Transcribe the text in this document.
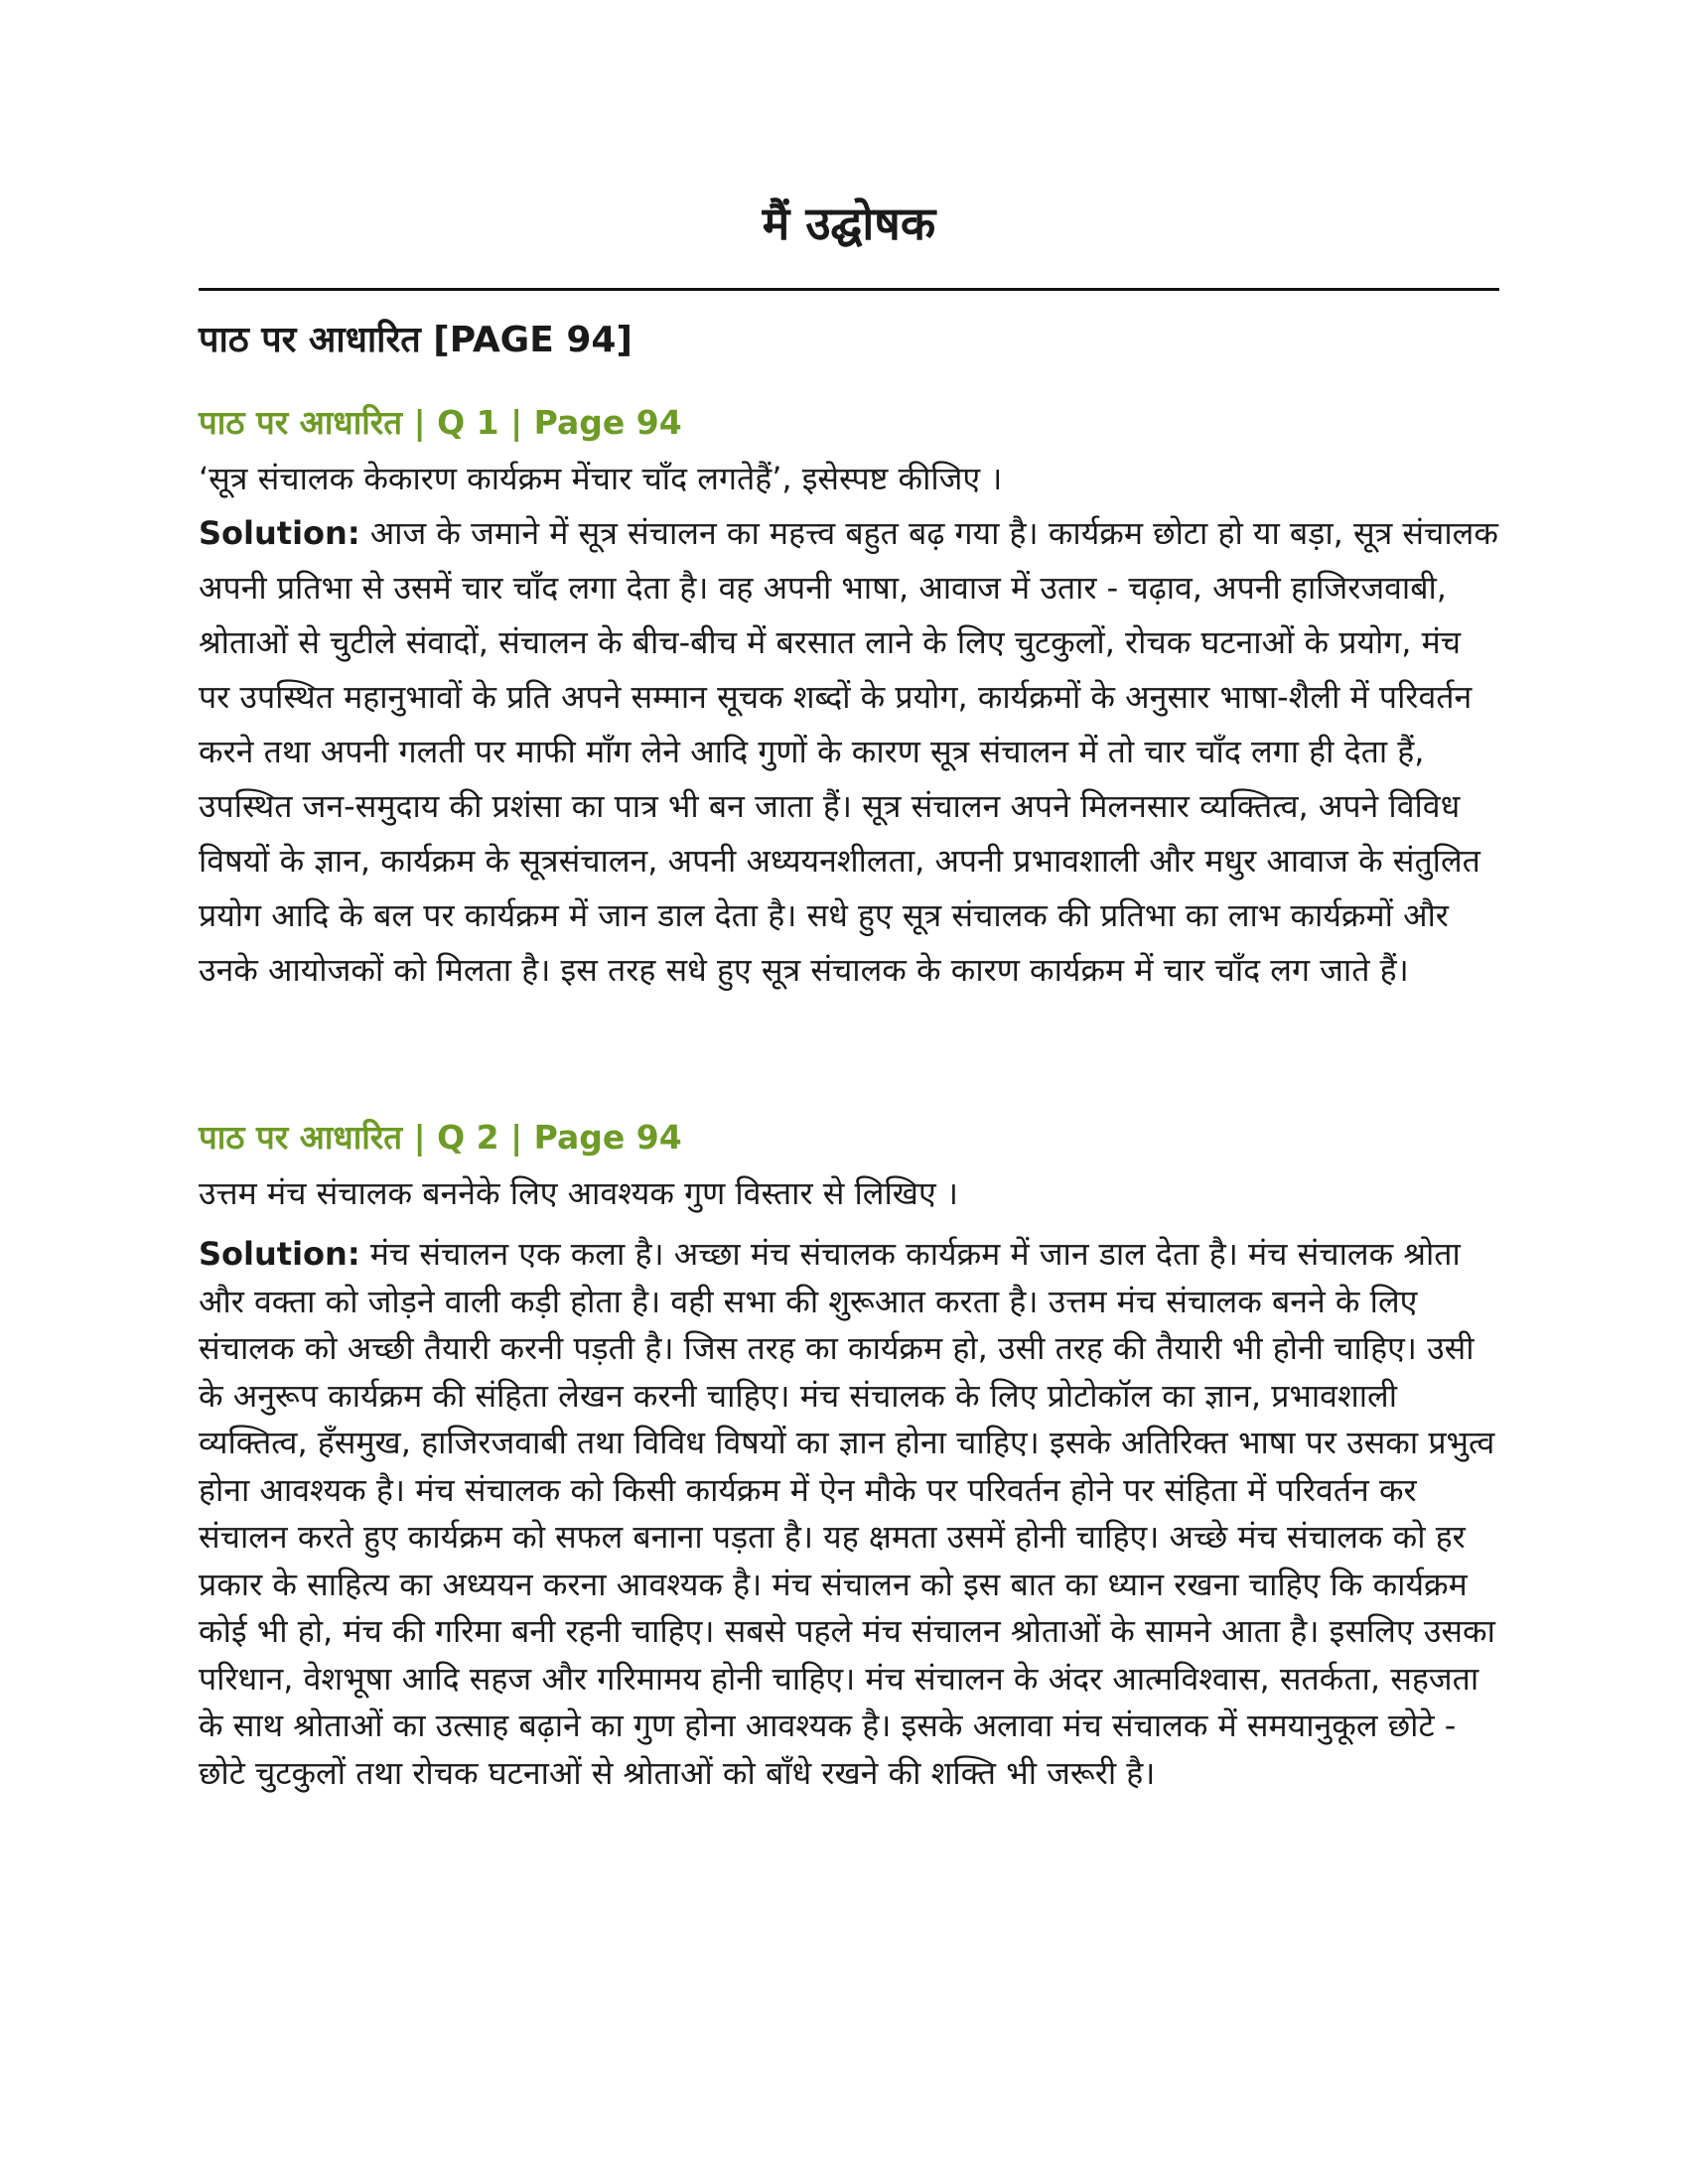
मैं उद्घोषक
पाठ पर आधारित [PAGE 94]
पाठ पर आधारित | Q 1 | Page 94
‘सूत्र संचालक केकारण कार्यक्रम मेंचार चाँद लगतेहैं’, इसेस्पष्ट कीजिए ।
Solution: आज के जमाने में सूत्र संचालन का महत्त्व बहुत बढ़ गया है। कार्यक्रम छोटा हो या बड़ा, सूत्र संचालक अपनी प्रतिभा से उसमें चार चाँद लगा देता है। वह अपनी भाषा, आवाज में उतार - चढ़ाव, अपनी हाजिरजवाबी, श्रोताओं से चुटीले संवादों, संचालन के बीच-बीच में बरसात लाने के लिए चुटकुलों, रोचक घटनाओं के प्रयोग, मंच पर उपस्थित महानुभावों के प्रति अपने सम्मान सूचक शब्दों के प्रयोग, कार्यक्रमों के अनुसार भाषा-शैली में परिवर्तन करने तथा अपनी गलती पर माफी माँग लेने आदि गुणों के कारण सूत्र संचालन में तो चार चाँद लगा ही देता हैं, उपस्थित जन-समुदाय की प्रशंसा का पात्र भी बन जाता हैं। सूत्र संचालन अपने मिलनसार व्यक्तित्व, अपने विविध विषयों के ज्ञान, कार्यक्रम के सूत्रसंचालन, अपनी अध्ययनशीलता, अपनी प्रभावशाली और मधुर आवाज के संतुलित प्रयोग आदि के बल पर कार्यक्रम में जान डाल देता है। सधे हुए सूत्र संचालक की प्रतिभा का लाभ कार्यक्रमों और उनके आयोजकों को मिलता है। इस तरह सधे हुए सूत्र संचालक के कारण कार्यक्रम में चार चाँद लग जाते हैं।
पाठ पर आधारित | Q 2 | Page 94
उत्तम मंच संचालक बननेके लिए आवश्यक गुण विस्तार से लिखिए ।
Solution: मंच संचालन एक कला है। अच्छा मंच संचालक कार्यक्रम में जान डाल देता है। मंच संचालक श्रोता और वक्ता को जोड़ने वाली कड़ी होता है। वही सभा की शुरूआत करता है। उत्तम मंच संचालक बनने के लिए संचालक को अच्छी तैयारी करनी पड़ती है। जिस तरह का कार्यक्रम हो, उसी तरह की तैयारी भी होनी चाहिए। उसी के अनुरूप कार्यक्रम की संहिता लेखन करनी चाहिए। मंच संचालक के लिए प्रोटोकॉल का ज्ञान, प्रभावशाली व्यक्तित्व, हँसमुख, हाजिरजवाबी तथा विविध विषयों का ज्ञान होना चाहिए। इसके अतिरिक्त भाषा पर उसका प्रभुत्व होना आवश्यक है। मंच संचालक को किसी कार्यक्रम में ऐन मौके पर परिवर्तन होने पर संहिता में परिवर्तन कर संचालन करते हुए कार्यक्रम को सफल बनाना पड़ता है। यह क्षमता उसमें होनी चाहिए। अच्छे मंच संचालक को हर प्रकार के साहित्य का अध्ययन करना आवश्यक है। मंच संचालन को इस बात का ध्यान रखना चाहिए कि कार्यक्रम कोई भी हो, मंच की गरिमा बनी रहनी चाहिए। सबसे पहले मंच संचालन श्रोताओं के सामने आता है। इसलिए उसका परिधान, वेशभूषा आदि सहज और गरिमामय होनी चाहिए। मंच संचालन के अंदर आत्मविश्वास, सतर्कता, सहजता के साथ श्रोताओं का उत्साह बढ़ाने का गुण होना आवश्यक है। इसके अलावा मंच संचालक में समयानुकूल छोटे - छोटे चुटकुलों तथा रोचक घटनाओं से श्रोताओं को बाँधे रखने की शक्ति भी जरूरी है।
